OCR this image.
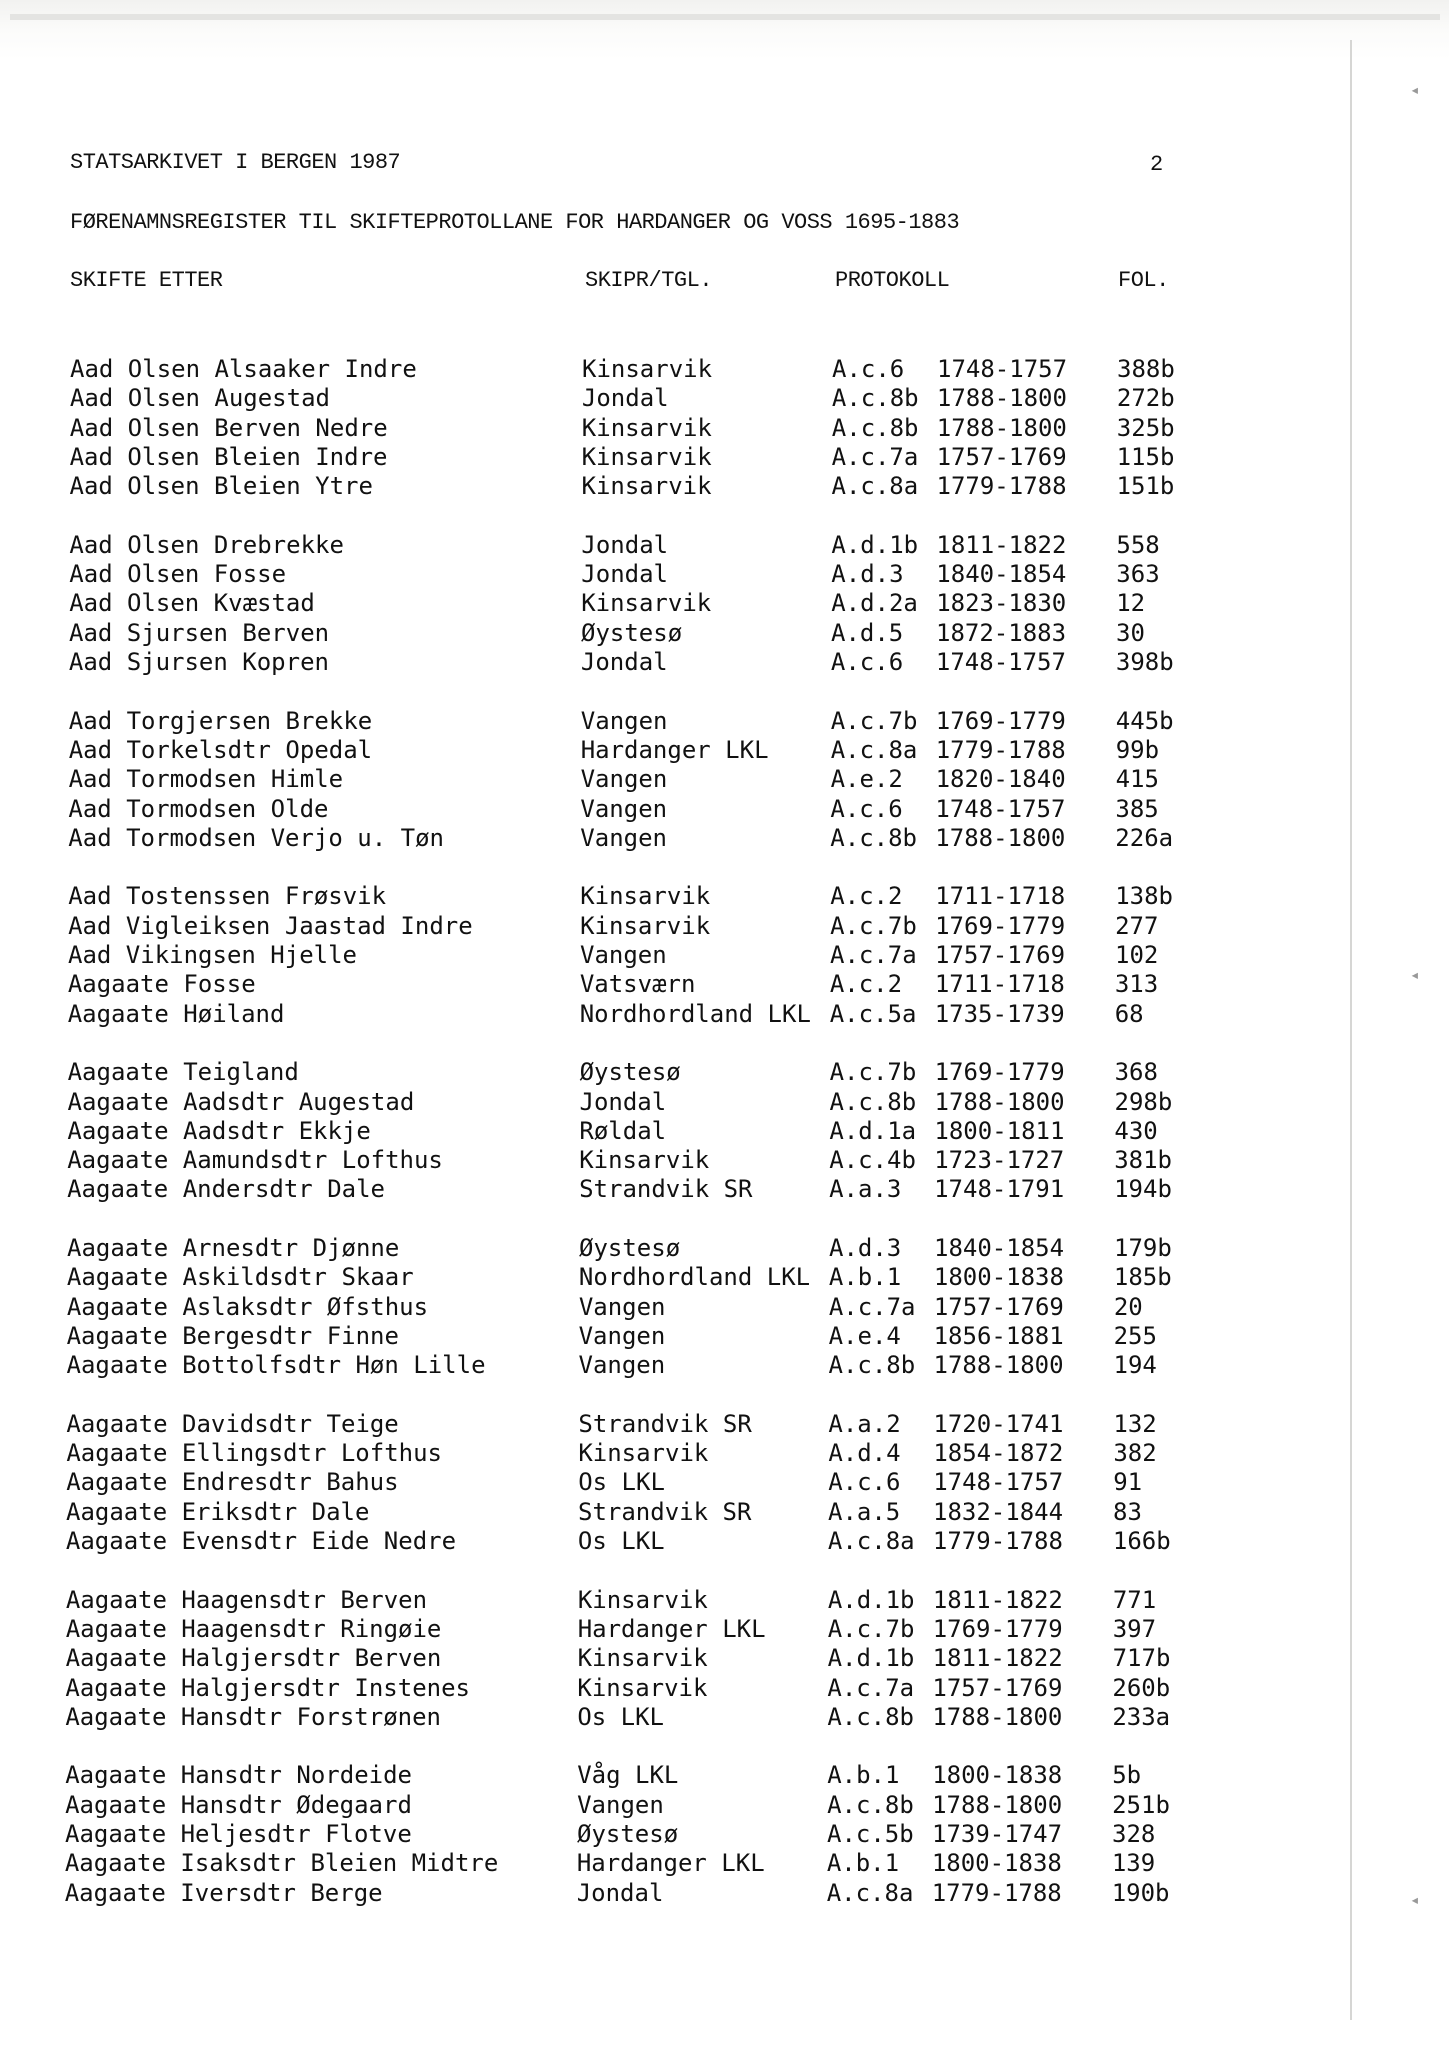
◂
◂
◂
STATSARKIVET I BERGEN 1987	2
FØRENAMNSREGISTER TIL SKIFTEPROTOLLANE FOR HARDANGER OG VOSS 1695-1883
SKIFTE ETTER	SKIPR/TGL.	PROTOKOLL	FOL.
Aad Olsen Alsaaker Indre	Kinsarvik	A.c.6 1748-1757 388b
Aad Olsen Augestad	Jondal	A.c.8b 1788-1800 272b
Aad Olsen Berven Nedre	Kinsarvik	A.c.8b 1788-1800 325b
Aad Olsen Bleien Indre	Kinsarvik	A.c.7a 1757-1769 115b
Aad Olsen Bleien Ytre	Kinsarvik	A.c.8a 1779-1788 151b
Aad Olsen Drebrekke	Jondal	A.d.1b 1811-1822 558
Aad Olsen Fosse	Jondal	A.d.3 1840-1854 363
Aad Olsen Kvæstad	Kinsarvik	A.d.2a 1823-1830 12
Aad Sjursen Berven	Øystesø	A.d.5 1872-1883 30
Aad Sjursen Kopren	Jondal	A.c.6 1748-1757 398b
Aad Torgjersen Brekke	Vangen	A.c.7b 1769-1779 445b
Aad Torkelsdtr Opedal	Hardanger LKL	A.c.8a 1779-1788 99b
Aad Tormodsen Himle	Vangen	A.e.2 1820-1840 415
Aad Tormodsen Olde	Vangen	A.c.6 1748-1757 385
Aad Tormodsen Verjo u. Tøn	Vangen	A.c.8b 1788-1800 226a
Aad Tostenssen Frøsvik	Kinsarvik	A.c.2 1711-1718 138b
Aad Vigleiksen Jaastad Indre	Kinsarvik	A.c.7b 1769-1779 277
Aad Vikingsen Hjelle	Vangen	A.c.7a 1757-1769 102
Aagaate Fosse	Vatsværn	A.c.2 1711-1718 313
Aagaate Høiland	Nordhordland LKL A.c.5a 1735-1739 68
Aagaate Teigland	Øystesø	A.c.7b 1769-1779 368
Aagaate Aadsdtr Augestad	Jondal	A.c.8b 1788-1800 298b
Aagaate Aadsdtr Ekkje	Røldal	A.d.1a 1800-1811 430
Aagaate Aamundsdtr Lofthus	Kinsarvik	A.c.4b 1723-1727 381b
Aagaate Andersdtr Dale	Strandvik SR	A.a.3 1748-1791 194b
Aagaate Arnesdtr Djønne	Øystesø	A.d.3 1840-1854 179b
Aagaate Askildsdtr Skaar	Nordhordland LKL A.b.1 1800-1838 185b
Aagaate Aslaksdtr Øfsthus	Vangen	A.c.7a 1757-1769 20
Aagaate Bergesdtr Finne	Vangen	A.e.4 1856-1881 255
Aagaate Bottolfsdtr Høn Lille	Vangen	A.c.8b 1788-1800 194
Aagaate Davidsdtr Teige	Strandvik SR	A.a.2 1720-1741 132
Aagaate Ellingsdtr Lofthus	Kinsarvik	A.d.4 1854-1872 382
Aagaate Endresdtr Bahus	Os LKL	A.c.6 1748-1757 91
Aagaate Eriksdtr Dale	Strandvik SR	A.a.5 1832-1844 83
Aagaate Evensdtr Eide Nedre	Os LKL	A.c.8a 1779-1788 166b
Aagaate Haagensdtr Berven	Kinsarvik	A.d.1b 1811-1822 771
Aagaate Haagensdtr Ringøie	Hardanger LKL	A.c.7b 1769-1779 397
Aagaate Halgjersdtr Berven	Kinsarvik	A.d.1b 1811-1822 717b
Aagaate Halgjersdtr Instenes	Kinsarvik	A.c.7a 1757-1769 260b
Aagaate Hansdtr Forstrønen	Os LKL	A.c.8b 1788-1800 233a
Aagaate Hansdtr Nordeide	Våg LKL	A.b.1 1800-1838 5b
Aagaate Hansdtr Ødegaard	Vangen	A.c.8b 1788-1800 251b
Aagaate Heljesdtr Flotve	Øystesø	A.c.5b 1739-1747 328
Aagaate Isaksdtr Bleien Midtre	Hardanger LKL	A.b.1 1800-1838 139
Aagaate Iversdtr Berge	Jondal	A.c.8a 1779-1788 190b
